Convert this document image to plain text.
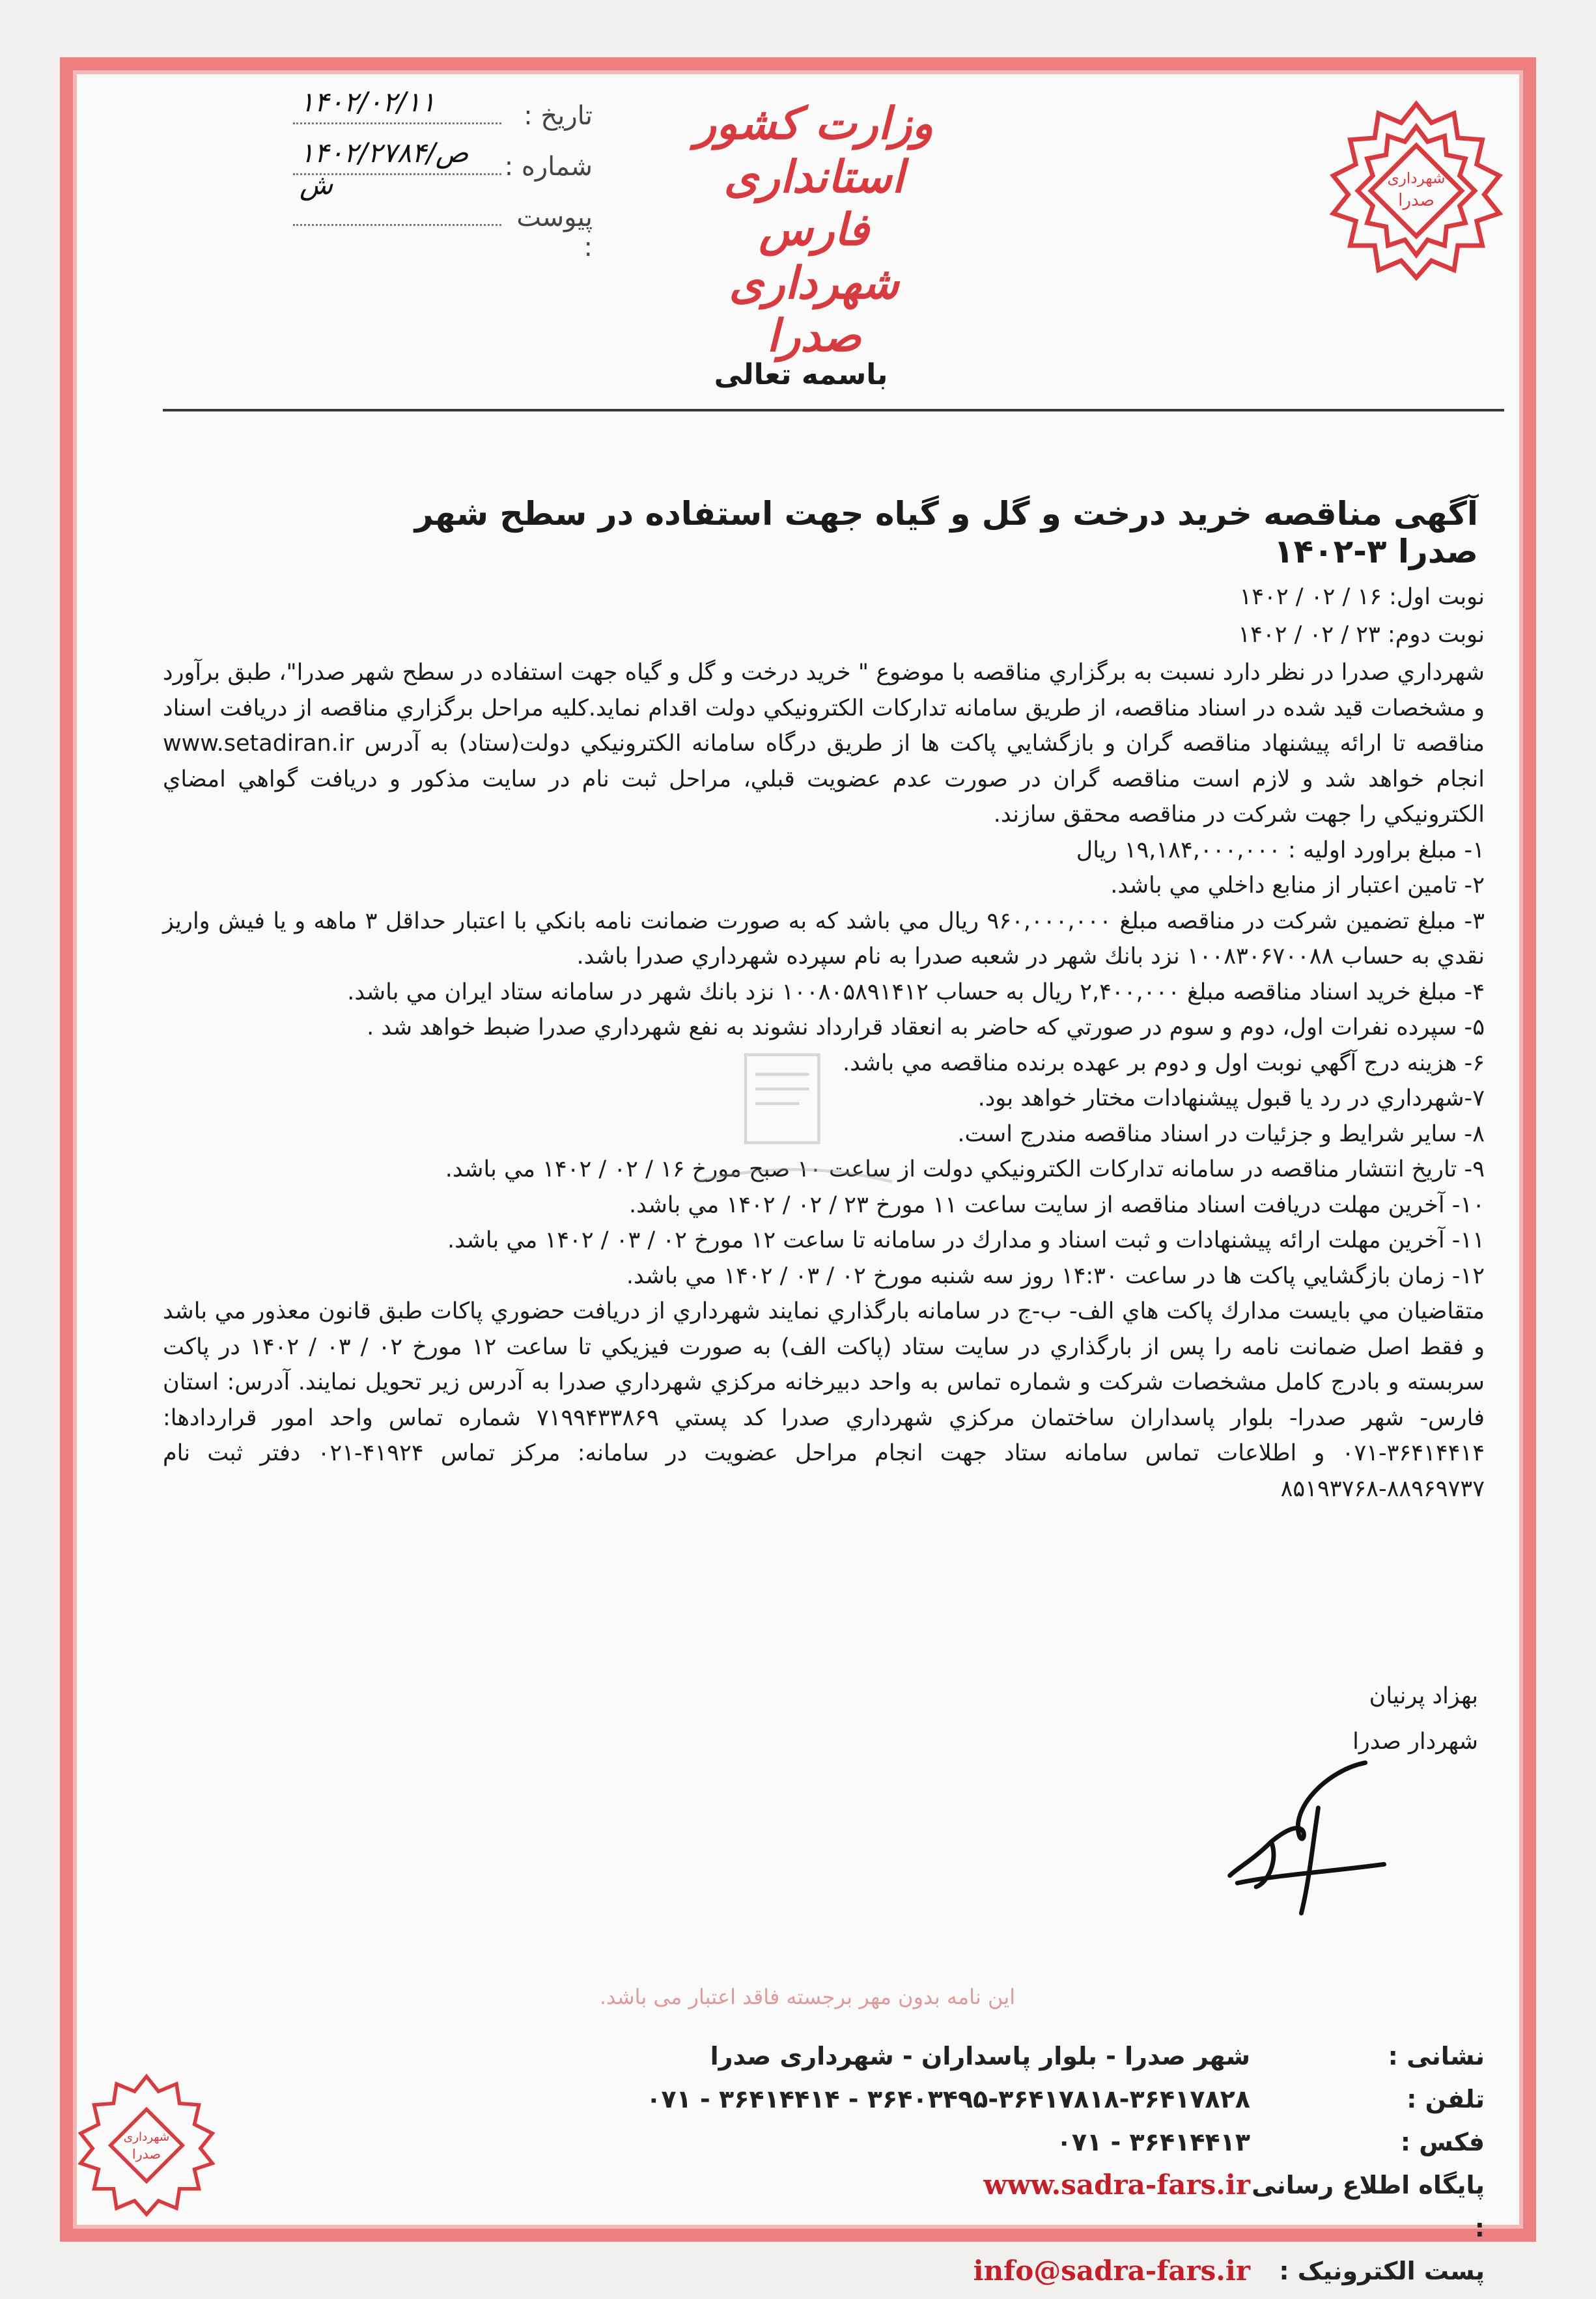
شهرداری
صدرا
وزارت کشور
استانداری فارس
شهرداری صدرا
تاریخ :
۱۴۰۲/۰۲/۱۱
شماره :
۱۴۰۲/۲۷۸۴/ص ش
پیوست :
باسمه تعالی
آگهی مناقصه خرید درخت و گل و گیاه جهت استفاده در سطح شهر صدرا ۳-۱۴۰۲

نوبت اول: ۱۶ / ۰۲ / ۱۴۰۲

نوبت دوم: ۲۳ / ۰۲ / ۱۴۰۲

شهرداري صدرا در نظر دارد نسبت به برگزاري مناقصه با موضوع " خريد درخت و گل و گياه جهت استفاده در سطح شهر صدرا"، طبق برآورد و مشخصات قيد شده در اسناد مناقصه، از طريق سامانه تداركات الكترونيكي دولت اقدام نمايد.كليه مراحل برگزاري مناقصه از دريافت اسناد مناقصه تا ارائه پيشنهاد مناقصه گران و بازگشايي پاكت ها از طريق درگاه سامانه الكترونيكي دولت(ستاد) به آدرس www.setadiran.ir انجام خواهد شد و لازم است مناقصه گران در صورت عدم عضويت قبلي، مراحل ثبت نام در سايت مذكور و دريافت گواهي امضاي الكترونيكي را جهت شركت در مناقصه محقق سازند.

۱- مبلغ براورد اوليه : ۱۹,۱۸۴,۰۰۰,۰۰۰ ريال

۲- تامين اعتبار از منابع داخلي مي باشد.

۳- مبلغ تضمين شركت در مناقصه مبلغ ۹۶۰,۰۰۰,۰۰۰ ريال مي باشد كه به صورت ضمانت نامه بانكي با اعتبار حداقل ۳ ماهه و يا فيش واريز نقدي به حساب ۱۰۰۸۳۰۶۷۰۰۸۸ نزد بانك شهر در شعبه صدرا به نام سپرده شهرداري صدرا باشد.

۴- مبلغ خريد اسناد مناقصه مبلغ ۲,۴۰۰,۰۰۰ ريال به حساب ۱۰۰۸۰۵۸۹۱۴۱۲ نزد بانك شهر در سامانه ستاد ايران مي باشد.

۵- سپرده نفرات اول، دوم و سوم در صورتي كه حاضر به انعقاد قرارداد نشوند به نفع شهرداري صدرا ضبط خواهد شد .

۶- هزينه درج آگهي نوبت اول و دوم بر عهده برنده مناقصه مي باشد.

۷-شهرداري در رد يا قبول پيشنهادات مختار خواهد بود.

۸- ساير شرايط و جزئيات در اسناد مناقصه مندرج است.

۹- تاريخ انتشار مناقصه در سامانه تداركات الكترونيكي دولت از ساعت ۱۰ صبح مورخ ۱۶ / ۰۲ / ۱۴۰۲ مي باشد.

۱۰- آخرين مهلت دريافت اسناد مناقصه از سايت ساعت ۱۱ مورخ ۲۳ / ۰۲ / ۱۴۰۲ مي باشد.

۱۱- آخرين مهلت ارائه پيشنهادات و ثبت اسناد و مدارك در سامانه تا ساعت ۱۲ مورخ ۰۲ / ۰۳ / ۱۴۰۲ مي باشد.

۱۲- زمان بازگشايي پاكت ها در ساعت ۱۴:۳۰ روز سه شنبه مورخ ۰۲ / ۰۳ / ۱۴۰۲ مي باشد.

متقاضيان مي بايست مدارك پاكت هاي الف- ب-ج در سامانه بارگذاري نمايند شهرداري از دريافت حضوري پاكات طبق قانون معذور مي باشد و فقط اصل ضمانت نامه را پس از بارگذاري در سايت ستاد (پاكت الف) به صورت فيزيكي تا ساعت ۱۲ مورخ ۰۲ / ۰۳ / ۱۴۰۲ در پاكت سربسته و بادرج كامل مشخصات شركت و شماره تماس به واحد دبيرخانه مركزي شهرداري صدرا به آدرس زير تحويل نمايند. آدرس: استان فارس- شهر صدرا- بلوار پاسداران ساختمان مركزي شهرداري صدرا كد پستي ۷۱۹۹۴۳۳۸۶۹ شماره تماس واحد امور قراردادها: ۳۶۴۱۴۴۱۴-۰۷۱ و اطلاعات تماس سامانه ستاد جهت انجام مراحل عضويت در سامانه: مركز تماس ۴۱۹۲۴-۰۲۱ دفتر ثبت نام ۸۸۹۶۹۷۳۷-۸۵۱۹۳۷۶۸

بهزاد پرنیان
شهردار صدرا
این نامه بدون مهر برجسته فاقد اعتبار می باشد.
شهرداری
صدرا
نشانی :
شهر صدرا - بلوار پاسداران - شهرداری صدرا
تلفن :
۳۶۴۰۳۴۹۵-۳۶۴۱۷۸۱۸-۳۶۴۱۷۸۲۸ - ۳۶۴۱۴۴۱۴ - ۰۷۱
فکس :
۳۶۴۱۴۴۱۳ - ۰۷۱
پایگاه اطلاع رسانی :
www.sadra-fars.ir
پست الکترونیک :
info@sadra-fars.ir
